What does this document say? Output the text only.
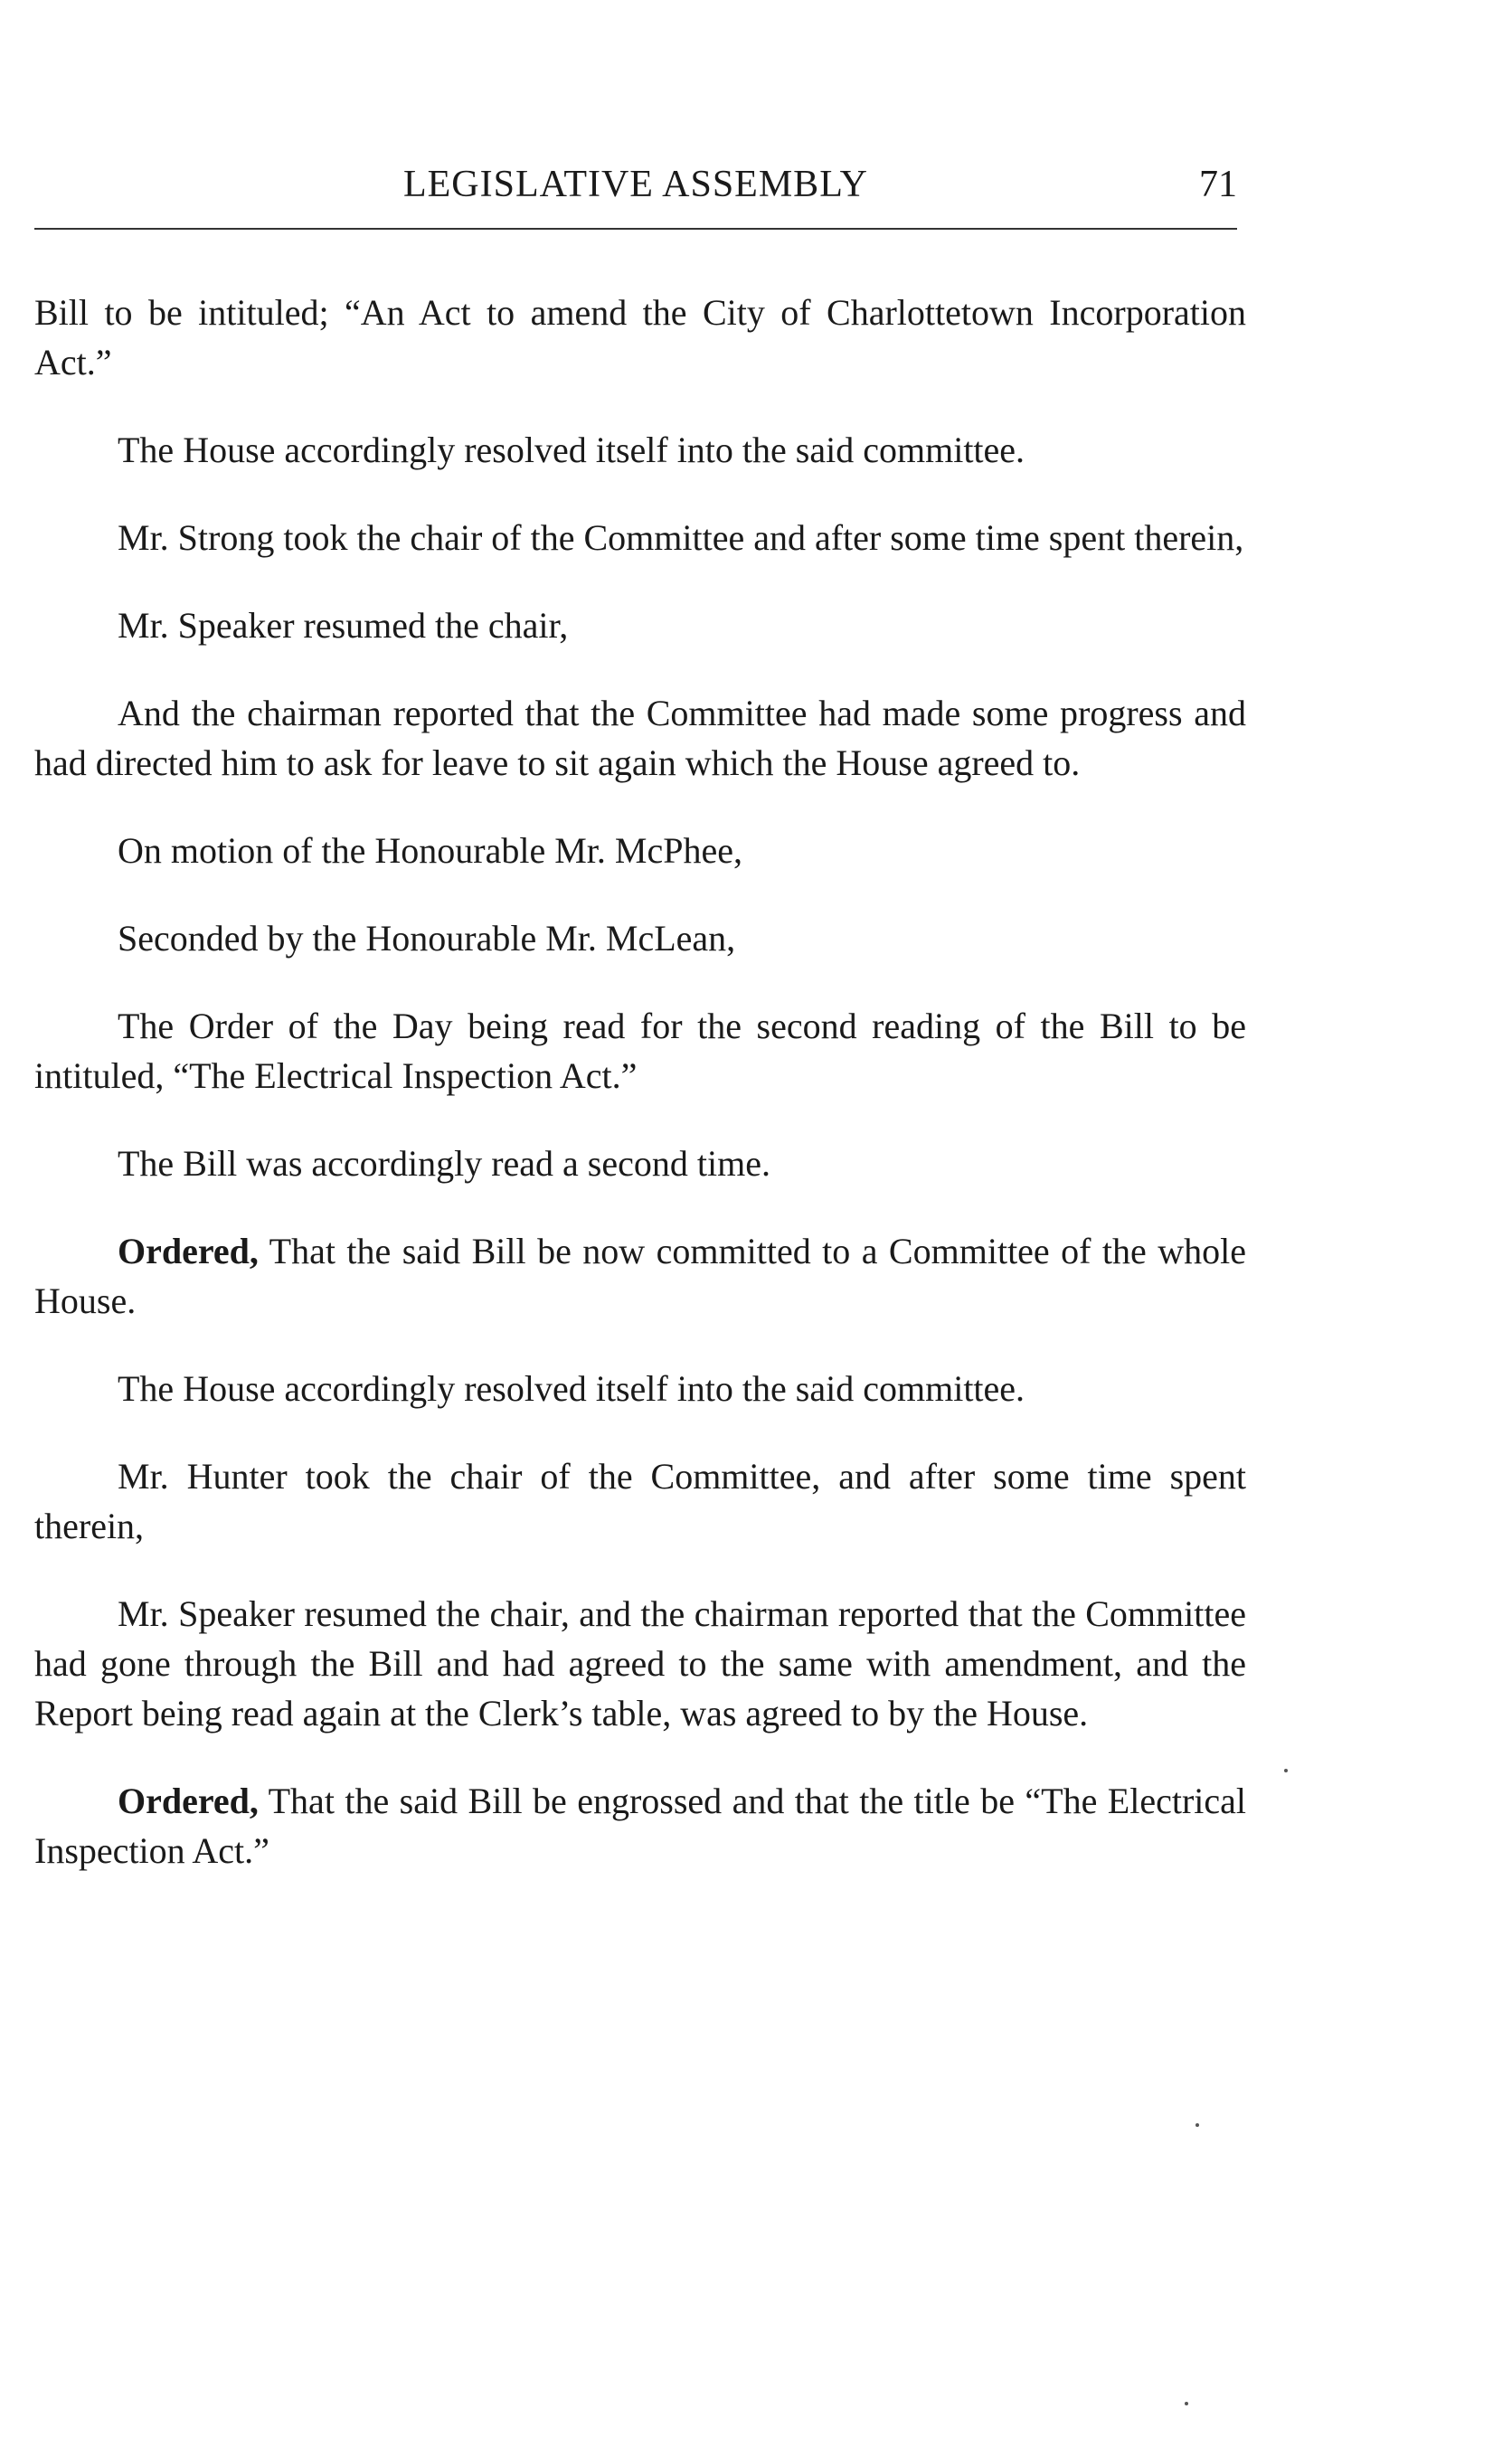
LEGISLATIVE ASSEMBLY	71

Bill to be intituled; “An Act to amend the City of Charlottetown Incorporation Act.”

The House accordingly resolved itself into the said committee.

Mr. Strong took the chair of the Committee and after some time spent therein,

Mr. Speaker resumed the chair,

And the chairman reported that the Committee had made some progress and had directed him to ask for leave to sit again which the House agreed to.

On motion of the Honourable Mr. McPhee,

Seconded by the Honourable Mr. McLean,

The Order of the Day being read for the second reading of the Bill to be intituled, “The Electrical Inspection Act.”

The Bill was accordingly read a second time.

Ordered, That the said Bill be now committed to a Committee of the whole House.

The House accordingly resolved itself into the said committee.

Mr. Hunter took the chair of the Committee, and after some time spent therein,

Mr. Speaker resumed the chair, and the chairman reported that the Committee had gone through the Bill and had agreed to the same with amendment, and the Report being read again at the Clerk’s table, was agreed to by the House.

Ordered, That the said Bill be engrossed and that the title be “The Electrical Inspection Act.”
